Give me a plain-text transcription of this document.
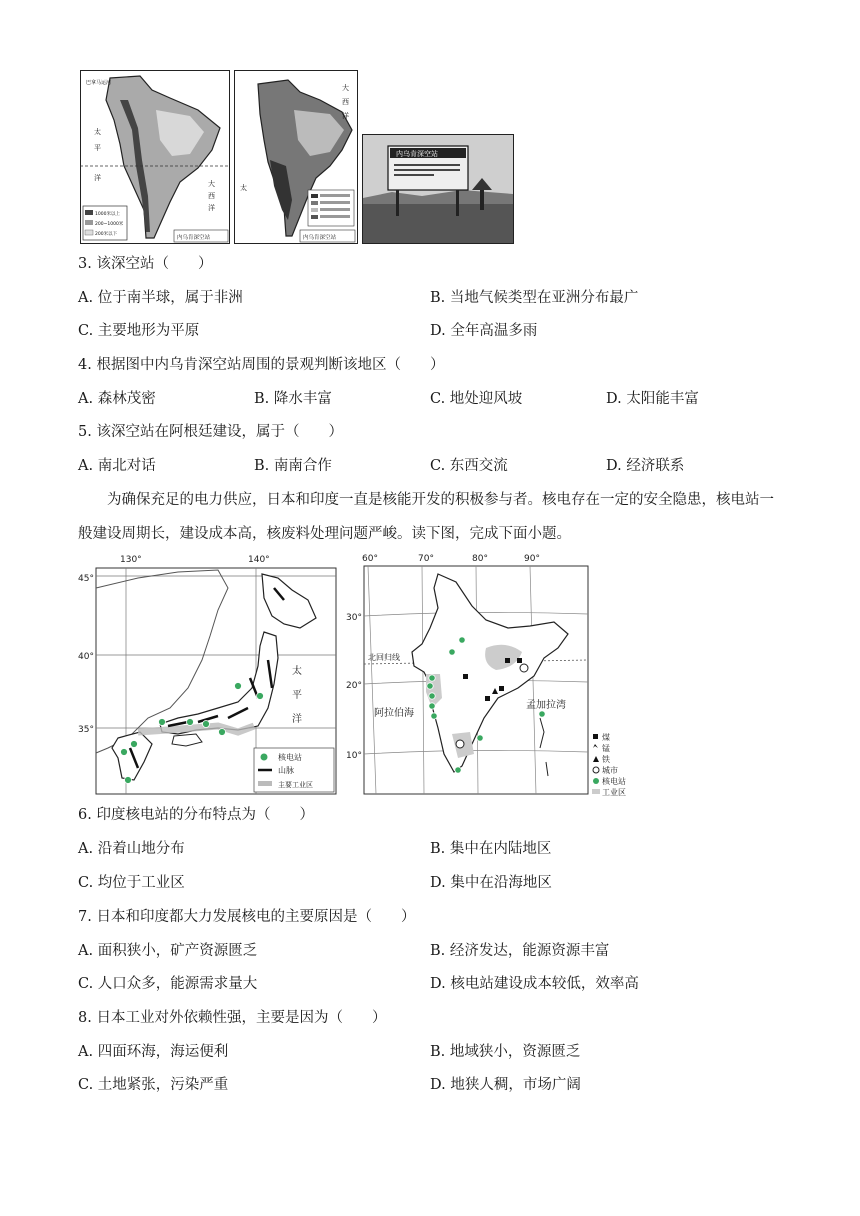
巴拿马运河
太
平
洋
大
西
洋
1000米以上
200~1000米
200米以下
内乌肯深空站
大
西
洋
太
内乌肯深空站
内乌肯深空站
3. 该深空站（　　）
A. 位于南半球，属于非洲	B. 当地气候类型在亚洲分布最广
C. 主要地形为平原	D. 全年高温多雨
4. 根据图中内乌肯深空站周围的景观判断该地区（　　）
A. 森林茂密	B. 降水丰富	C. 地处迎风坡	D. 太阳能丰富
5. 该深空站在阿根廷建设，属于（　　）
A. 南北对话	B. 南南合作	C. 东西交流	D. 经济联系
为确保充足的电力供应，日本和印度一直是核能开发的积极参与者。核电存在一定的安全隐患，核电站一般建设周期长，建设成本高，核废料处理问题严峻。读下图，完成下面小题。
130°	140°
45°
40°
35°
太
平
洋
核电站
山脉
主要工业区
60°	70°	80°	90°
30°
20°
10°
北回归线
阿拉伯海
孟加拉湾
煤
锰
铁
城市
核电站
工业区
6. 印度核电站的分布特点为（　　）
A. 沿着山地分布	B. 集中在内陆地区
C. 均位于工业区	D. 集中在沿海地区
7. 日本和印度都大力发展核电的主要原因是（　　）
A. 面积狭小，矿产资源匮乏	B. 经济发达，能源资源丰富
C. 人口众多，能源需求量大	D. 核电站建设成本较低，效率高
8. 日本工业对外依赖性强，主要是因为（　　）
A. 四面环海，海运便利	B. 地域狭小，资源匮乏
C. 土地紧张，污染严重	D. 地狭人稠，市场广阔
